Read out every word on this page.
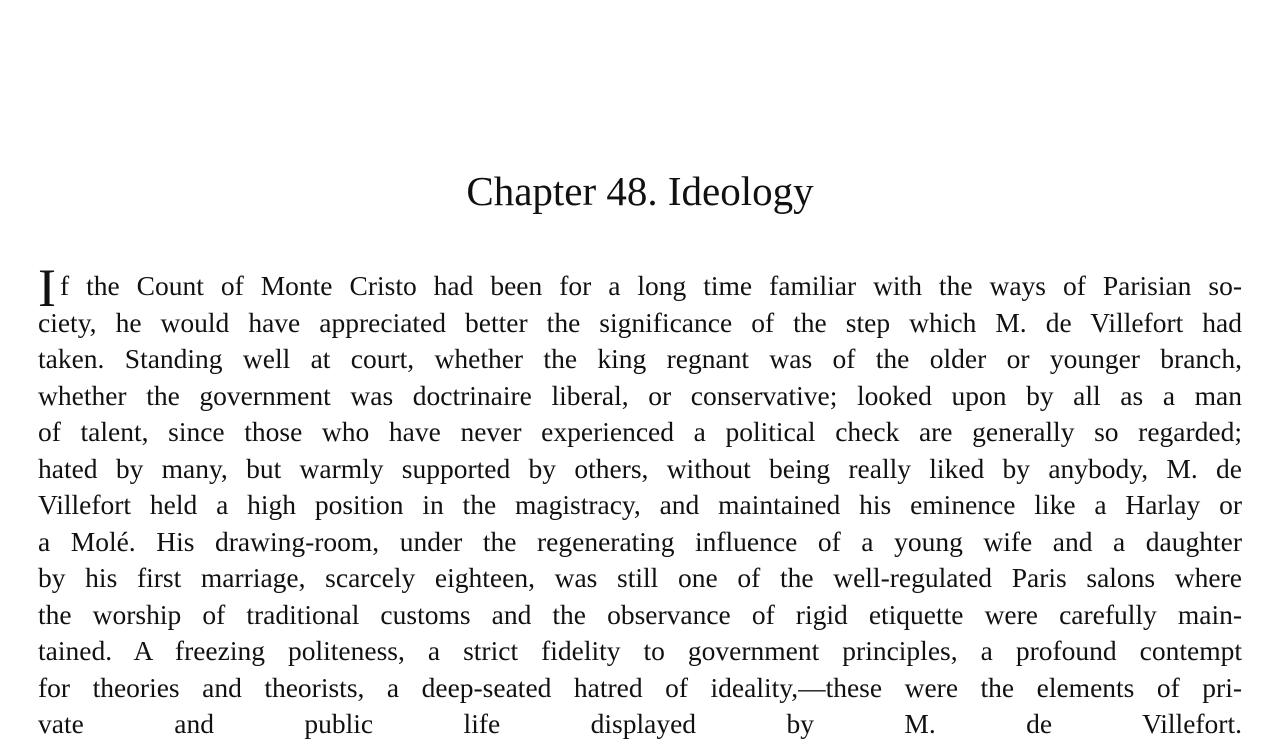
Chapter 48. Ideology
If the Count of Monte Cristo had been for a long time familiar with the ways of Parisian so-
ciety, he would have appreciated better the significance of the step which M. de Villefort had
taken. Standing well at court, whether the king regnant was of the older or younger branch,
whether the government was doctrinaire liberal, or conservative; looked upon by all as a man
of talent, since those who have never experienced a political check are generally so regarded;
hated by many, but warmly supported by others, without being really liked by anybody, M. de
Villefort held a high position in the magistracy, and maintained his eminence like a Harlay or
a Molé. His drawing-room, under the regenerating influence of a young wife and a daughter
by his first marriage, scarcely eighteen, was still one of the well-regulated Paris salons where
the worship of traditional customs and the observance of rigid etiquette were carefully main-
tained. A freezing politeness, a strict fidelity to government principles, a profound contempt
for theories and theorists, a deep-seated hatred of ideality,—these were the elements of pri-
vate and public life displayed by M. de Villefort.
